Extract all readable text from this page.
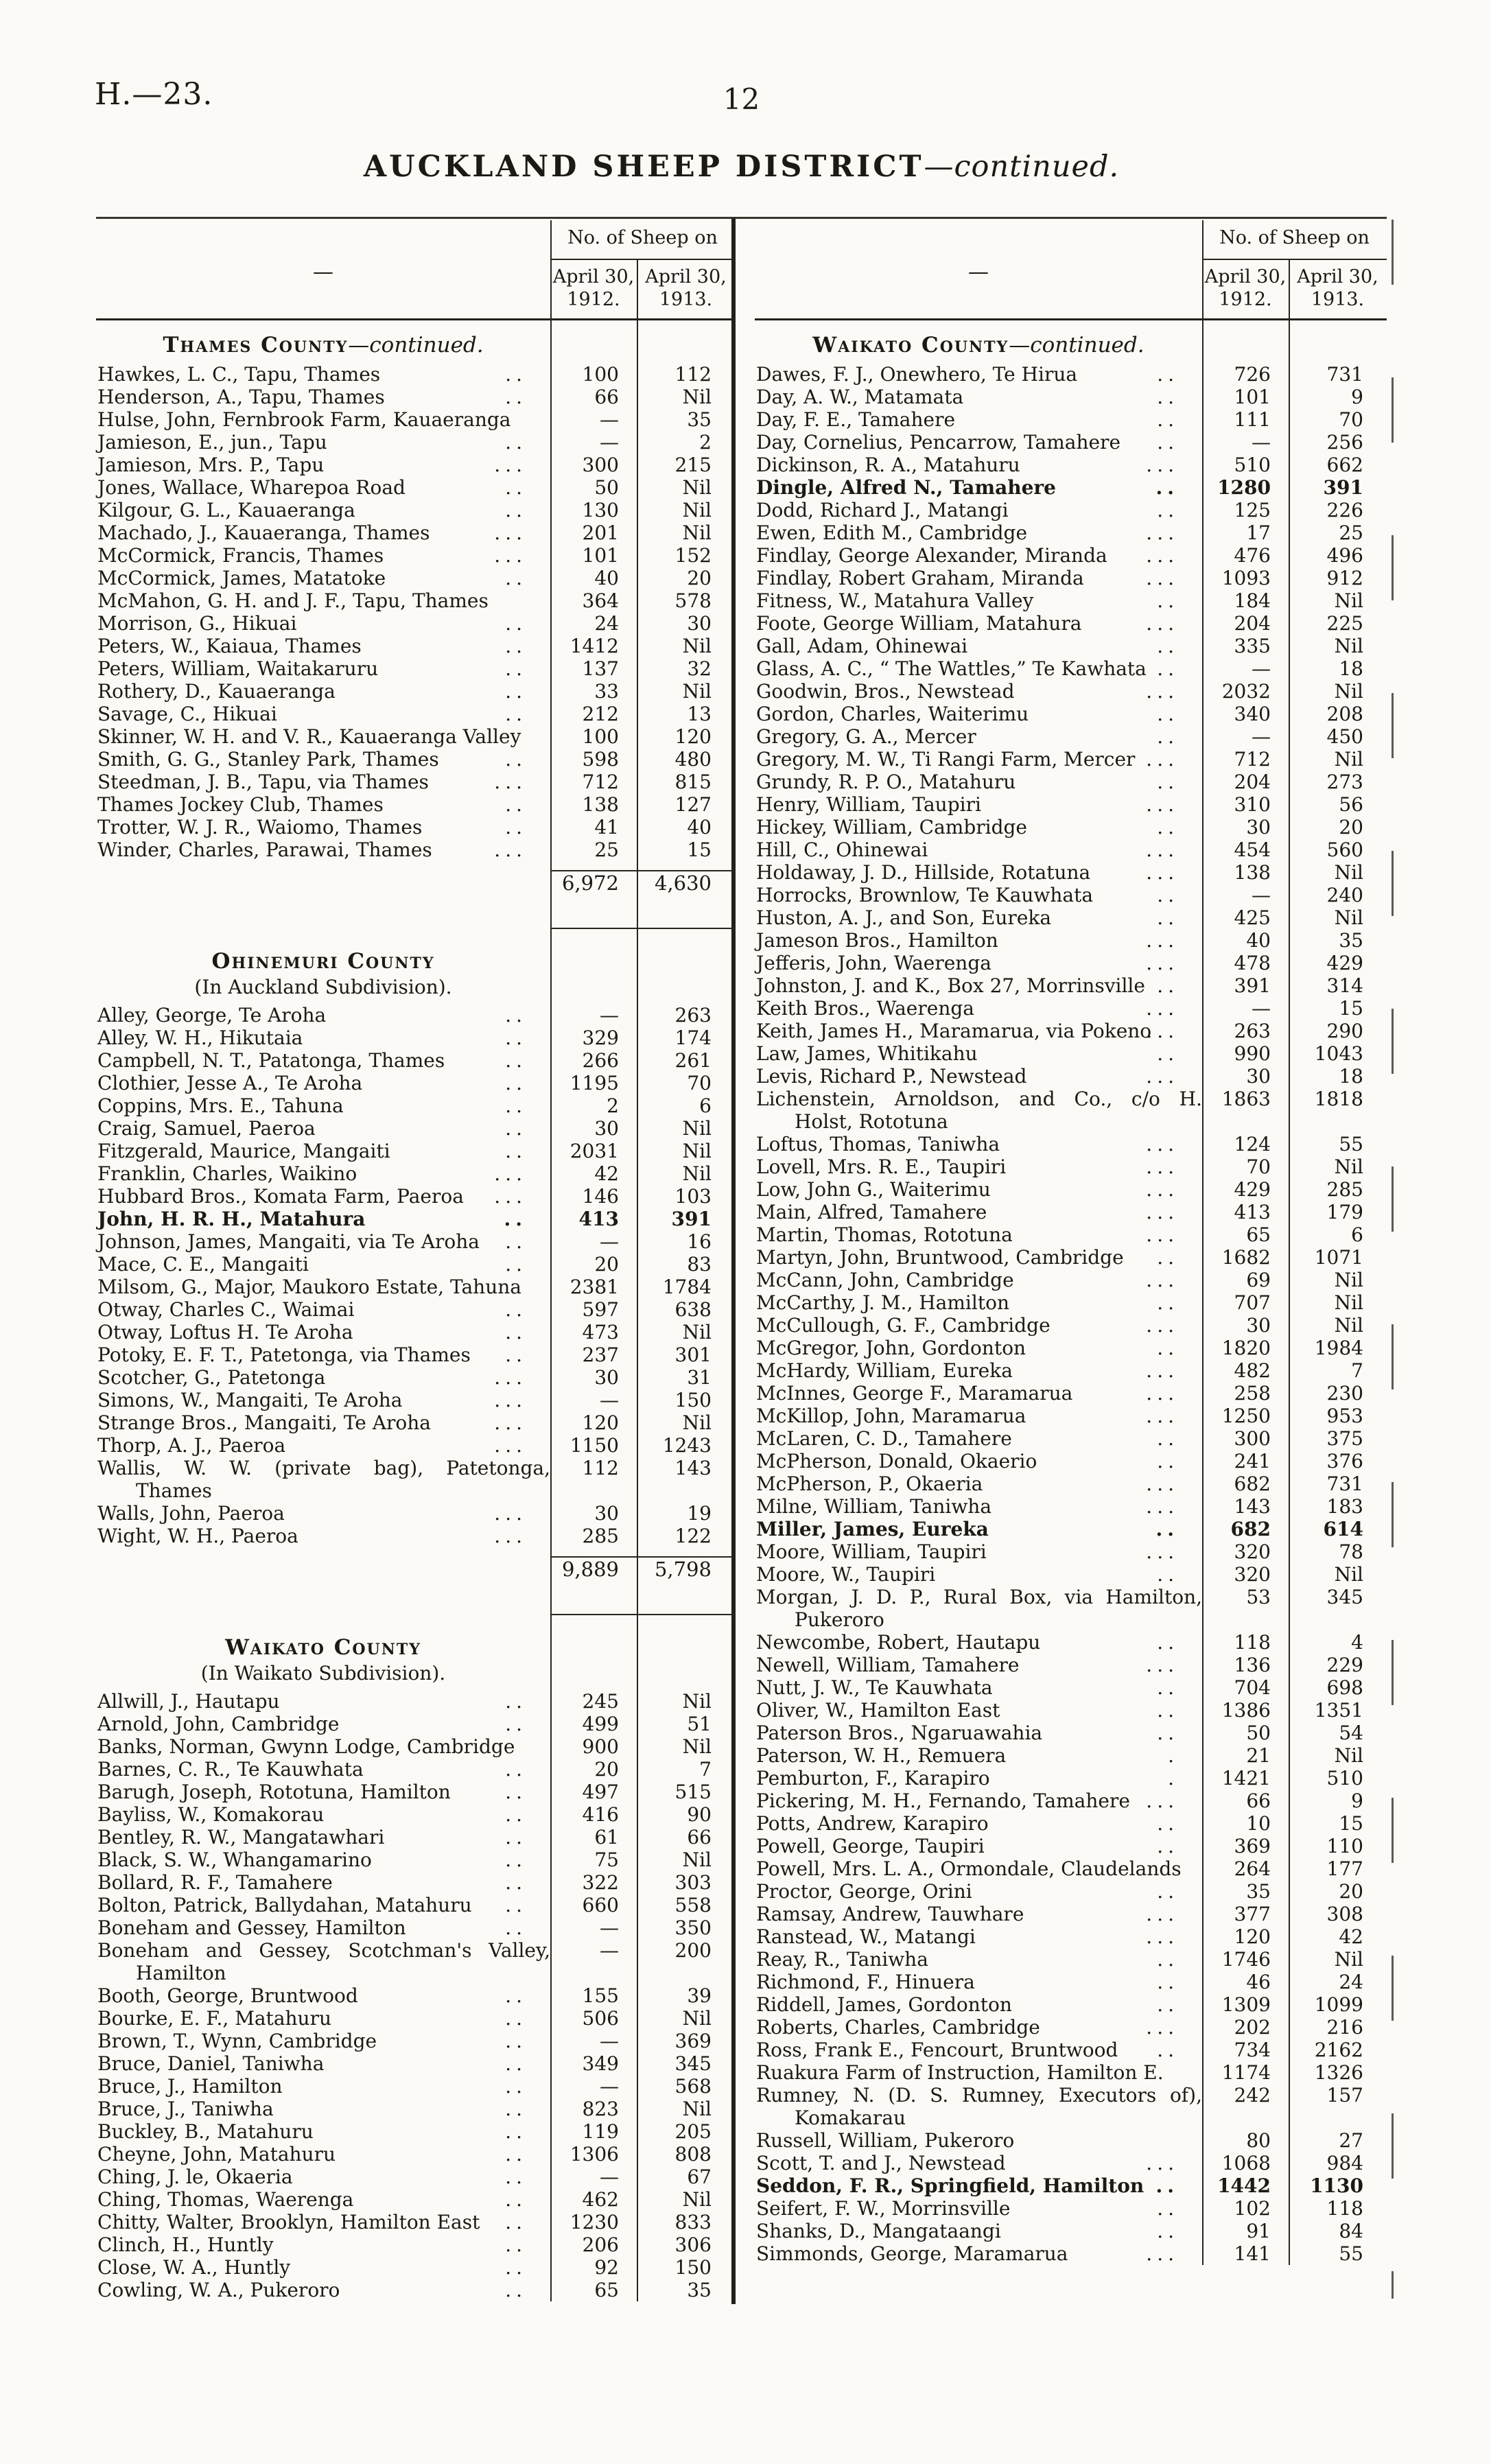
H.—23.	12
AUCKLAND SHEEP DISTRICT—continued.
—
No. of Sheep on
April 30,
1912.
April 30,
1913.
Thames County—continued.
Hawkes, L. C., Tapu, Thames	..	100	112
Henderson, A., Tapu, Thames	..	66	Nil
Hulse, John, Fernbrook Farm, Kauaeranga	—	35
Jamieson, E., jun., Tapu	..	—	2
Jamieson, Mrs. P., Tapu	...	300	215
Jones, Wallace, Wharepoa Road	..	50	Nil
Kilgour, G. L., Kauaeranga	..	130	Nil
Machado, J., Kauaeranga, Thames	...	201	Nil
McCormick, Francis, Thames	...	101	152
McCormick, James, Matatoke	..	40	20
McMahon, G. H. and J. F., Tapu, Thames	364	578
Morrison, G., Hikuai	..	24	30
Peters, W., Kaiaua, Thames	..	1412	Nil
Peters, William, Waitakaruru	..	137	32
Rothery, D., Kauaeranga	..	33	Nil
Savage, C., Hikuai	..	212	13
Skinner, W. H. and V. R., Kauaeranga Valley	100	120
Smith, G. G., Stanley Park, Thames	..	598	480
Steedman, J. B., Tapu, via Thames	...	712	815
Thames Jockey Club, Thames	..	138	127
Trotter, W. J. R., Waiomo, Thames	..	41	40
Winder, Charles, Parawai, Thames	...	25	15
6,972	4,630
Ohinemuri County
(In Auckland Subdivision).
Alley, George, Te Aroha	..	—	263
Alley, W. H., Hikutaia	..	329	174
Campbell, N. T., Patatonga, Thames	..	266	261
Clothier, Jesse A., Te Aroha	..	1195	70
Coppins, Mrs. E., Tahuna	..	2	6
Craig, Samuel, Paeroa	..	30	Nil
Fitzgerald, Maurice, Mangaiti	..	2031	Nil
Franklin, Charles, Waikino	...	42	Nil
Hubbard Bros., Komata Farm, Paeroa ...	146	103
John, H. R. H., Matahura	..	413	391
Johnson, James, Mangaiti, via Te Aroha ..	—	16
Mace, C. E., Mangaiti	..	20	83
Milsom, G., Major, Maukoro Estate, Tahuna	2381	1784
Otway, Charles C., Waimai	..	597	638
Otway, Loftus H. Te Aroha	..	473	Nil
Potoky, E. F. T., Patetonga, via Thames ..	237	301
Scotcher, G., Patetonga	...	30	31
Simons, W., Mangaiti, Te Aroha	...	—	150
Strange Bros., Mangaiti, Te Aroha	...	120	Nil
Thorp, A. J., Paeroa	...	1150	1243
Wallis, W. W. (private bag), Patetonga,
Thames
112	143
Walls, John, Paeroa	...	30	19
Wight, W. H., Paeroa	...	285	122
9,889	5,798
Waikato County
(In Waikato Subdivision).
Allwill, J., Hautapu	..	245	Nil
Arnold, John, Cambridge	..	499	51
Banks, Norman, Gwynn Lodge, Cambridge	900	Nil
Barnes, C. R., Te Kauwhata	..	20	7
Barugh, Joseph, Rototuna, Hamilton	..	497	515
Bayliss, W., Komakorau	..	416	90
Bentley, R. W., Mangatawhari	..	61	66
Black, S. W., Whangamarino	..	75	Nil
Bollard, R. F., Tamahere	..	322	303
Bolton, Patrick, Ballydahan, Matahuru ..	660	558
Boneham and Gessey, Hamilton	..	—	350
Boneham and Gessey, Scotchman's Valley,
Hamilton
—	200
Booth, George, Bruntwood	..	155	39
Bourke, E. F., Matahuru	..	506	Nil
Brown, T., Wynn, Cambridge	..	—	369
Bruce, Daniel, Taniwha	..	349	345
Bruce, J., Hamilton	..	—	568
Bruce, J., Taniwha	..	823	Nil
Buckley, B., Matahuru	..	119	205
Cheyne, John, Matahuru	..	1306	808
Ching, J. le, Okaeria	..	—	67
Ching, Thomas, Waerenga	..	462	Nil
Chitty, Walter, Brooklyn, Hamilton East ..	1230	833
Clinch, H., Huntly	..	206	306
Close, W. A., Huntly	..	92	150
Cowling, W. A., Pukeroro	..	65	35
—
No. of Sheep on
April 30,
1912.
April 30,
1913.
Waikato County—continued.
Dawes, F. J., Onewhero, Te Hirua	..	726	731
Day, A. W., Matamata	..	101	9
Day, F. E., Tamahere	..	111	70
Day, Cornelius, Pencarrow, Tamahere ..	—	256
Dickinson, R. A., Matahuru	...	510	662
Dingle, Alfred N., Tamahere	..	1280	391
Dodd, Richard J., Matangi	..	125	226
Ewen, Edith M., Cambridge	...	17	25
Findlay, George Alexander, Miranda ...	476	496
Findlay, Robert Graham, Miranda	...	1093	912
Fitness, W., Matahura Valley	..	184	Nil
Foote, George William, Matahura	...	204	225
Gall, Adam, Ohinewai	..	335	Nil
Glass, A. C., “ The Wattles,” Te Kawhata ..	—	18
Goodwin, Bros., Newstead	...	2032	Nil
Gordon, Charles, Waiterimu	..	340	208
Gregory, G. A., Mercer	..	—	450
Gregory, M. W., Ti Rangi Farm, Mercer ...	712	Nil
Grundy, R. P. O., Matahuru	..	204	273
Henry, William, Taupiri	...	310	56
Hickey, William, Cambridge	..	30	20
Hill, C., Ohinewai	...	454	560
Holdaway, J. D., Hillside, Rotatuna	...	138	Nil
Horrocks, Brownlow, Te Kauwhata	..	—	240
Huston, A. J., and Son, Eureka	..	425	Nil
Jameson Bros., Hamilton	...	40	35
Jefferis, John, Waerenga	...	478	429
Johnston, J. and K., Box 27, Morrinsville ..	391	314
Keith Bros., Waerenga	...	—	15
Keith, James H., Maramarua, via Pokeno
...	263	290
Law, James, Whitikahu	..	990	1043
Levis, Richard P., Newstead	...	30	18
Lichenstein, Arnoldson, and Co., c/o H.
Holst, Rototuna
1863	1818
Loftus, Thomas, Taniwha	...	124	55
Lovell, Mrs. R. E., Taupiri	...	70	Nil
Low, John G., Waiterimu	...	429	285
Main, Alfred, Tamahere	...	413	179
Martin, Thomas, Rototuna	...	65	6
Martyn, John, Bruntwood, Cambridge ..	1682	1071
McCann, John, Cambridge	...	69	Nil
McCarthy, J. M., Hamilton	..	707	Nil
McCullough, G. F., Cambridge	...	30	Nil
McGregor, John, Gordonton	..	1820	1984
McHardy, William, Eureka	...	482	7
McInnes, George F., Maramarua	...	258	230
McKillop, John, Maramarua	...	1250	953
McLaren, C. D., Tamahere	..	300	375
McPherson, Donald, Okaerio	..	241	376
McPherson, P., Okaeria	...	682	731
Milne, William, Taniwha	...	143	183
Miller, James, Eureka	..	682	614
Moore, William, Taupiri	...	320	78
Moore, W., Taupiri	..	320	Nil
Morgan, J. D. P., Rural Box, via Hamilton,
Pukeroro
53	345
Newcombe, Robert, Hautapu	..	118	4
Newell, William, Tamahere	...	136	229
Nutt, J. W., Te Kauwhata	..	704	698
Oliver, W., Hamilton East	..	1386	1351
Paterson Bros., Ngaruawahia	..	50	54
Paterson, W. H., Remuera	.	21	Nil
Pemburton, F., Karapiro	.	1421	510
Pickering, M. H., Fernando, Tamahere ...	66	9
Potts, Andrew, Karapiro	..	10	15
Powell, George, Taupiri	..	369	110
Powell, Mrs. L. A., Ormondale, Claudelands	264	177
Proctor, George, Orini	..	35	20
Ramsay, Andrew, Tauwhare	...	377	308
Ranstead, W., Matangi	...	120	42
Reay, R., Taniwha	..	1746	Nil
Richmond, F., Hinuera	..	46	24
Riddell, James, Gordonton	..	1309	1099
Roberts, Charles, Cambridge	...	202	216
Ross, Frank E., Fencourt, Bruntwood ..	734	2162
Ruakura Farm of Instruction, Hamilton E.	1174	1326
Rumney, N. (D. S. Rumney, Executors of),
Komakarau
242	157
Russell, William, Pukeroro	80	27
Scott, T. and J., Newstead	...	1068	984
Seddon, F. R., Springfield, Hamilton ..	1442	1130
Seifert, F. W., Morrinsville	..	102	118
Shanks, D., Mangataangi	..	91	84
Simmonds, George, Maramarua	...	141	55
